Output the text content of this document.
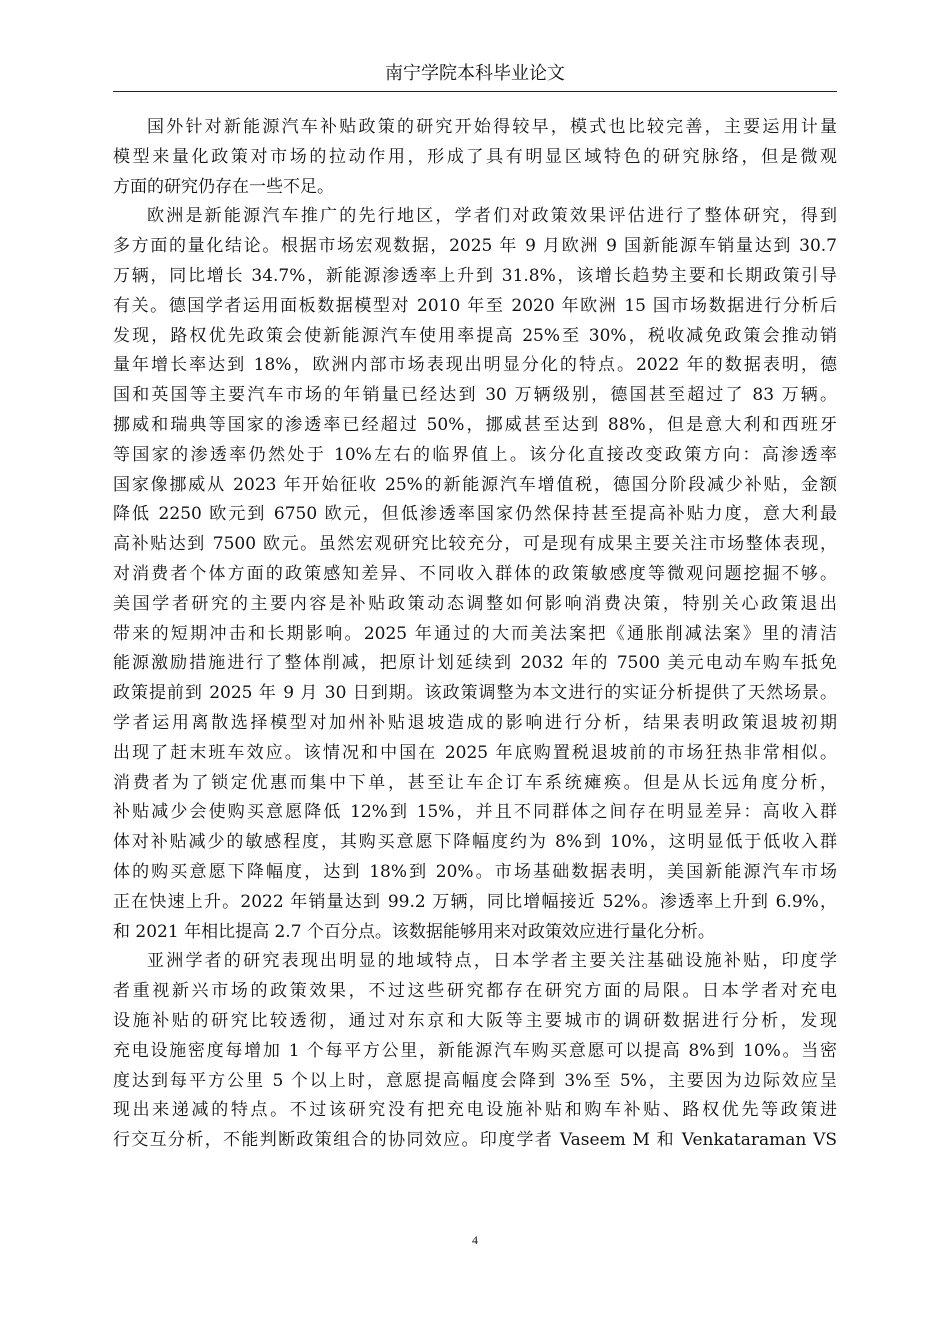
南宁学院本科毕业论文
国外针对新能源汽车补贴政策的研究开始得较早，模式也比较完善，主要运用计量
模型来量化政策对市场的拉动作用，形成了具有明显区域特色的研究脉络，但是微观
方面的研究仍存在一些不足。
欧洲是新能源汽车推广的先行地区，学者们对政策效果评估进行了整体研究，得到
多方面的量化结论。根据市场宏观数据，2025 年 9 月欧洲 9 国新能源车销量达到 30.7
万辆，同比增长 34.7%，新能源渗透率上升到 31.8%，该增长趋势主要和长期政策引导
有关。德国学者运用面板数据模型对 2010 年至 2020 年欧洲 15 国市场数据进行分析后
发现，路权优先政策会使新能源汽车使用率提高 25%至 30%，税收减免政策会推动销
量年增长率达到 18%，欧洲内部市场表现出明显分化的特点。2022 年的数据表明，德
国和英国等主要汽车市场的年销量已经达到 30 万辆级别，德国甚至超过了 83 万辆。
挪威和瑞典等国家的渗透率已经超过 50%，挪威甚至达到 88%，但是意大利和西班牙
等国家的渗透率仍然处于 10%左右的临界值上。该分化直接改变政策方向：高渗透率
国家像挪威从 2023 年开始征收 25%的新能源汽车增值税，德国分阶段减少补贴，金额
降低 2250 欧元到 6750 欧元，但低渗透率国家仍然保持甚至提高补贴力度，意大利最
高补贴达到 7500 欧元。虽然宏观研究比较充分，可是现有成果主要关注市场整体表现，
对消费者个体方面的政策感知差异、不同收入群体的政策敏感度等微观问题挖掘不够。
美国学者研究的主要内容是补贴政策动态调整如何影响消费决策，特别关心政策退出
带来的短期冲击和长期影响。2025 年通过的大而美法案把《通胀削减法案》里的清洁
能源激励措施进行了整体削减，把原计划延续到 2032 年的 7500 美元电动车购车抵免
政策提前到 2025 年 9 月 30 日到期。该政策调整为本文进行的实证分析提供了天然场景。
学者运用离散选择模型对加州补贴退坡造成的影响进行分析，结果表明政策退坡初期
出现了赶末班车效应。该情况和中国在 2025 年底购置税退坡前的市场狂热非常相似。
消费者为了锁定优惠而集中下单，甚至让车企订车系统瘫痪。但是从长远角度分析，
补贴减少会使购买意愿降低 12%到 15%，并且不同群体之间存在明显差异：高收入群
体对补贴减少的敏感程度，其购买意愿下降幅度约为 8%到 10%，这明显低于低收入群
体的购买意愿下降幅度，达到 18%到 20%。市场基础数据表明，美国新能源汽车市场
正在快速上升。2022 年销量达到 99.2 万辆，同比增幅接近 52%。渗透率上升到 6.9%，
和 2021 年相比提高 2.7 个百分点。该数据能够用来对政策效应进行量化分析。
亚洲学者的研究表现出明显的地域特点，日本学者主要关注基础设施补贴，印度学
者重视新兴市场的政策效果，不过这些研究都存在研究方面的局限。日本学者对充电
设施补贴的研究比较透彻，通过对东京和大阪等主要城市的调研数据进行分析，发现
充电设施密度每增加 1 个每平方公里，新能源汽车购买意愿可以提高 8%到 10%。当密
度达到每平方公里 5 个以上时，意愿提高幅度会降到 3%至 5%，主要因为边际效应呈
现出来递减的特点。不过该研究没有把充电设施补贴和购车补贴、路权优先等政策进
行交互分析，不能判断政策组合的协同效应。印度学者 Vaseem M 和 Venkataraman VS
4
